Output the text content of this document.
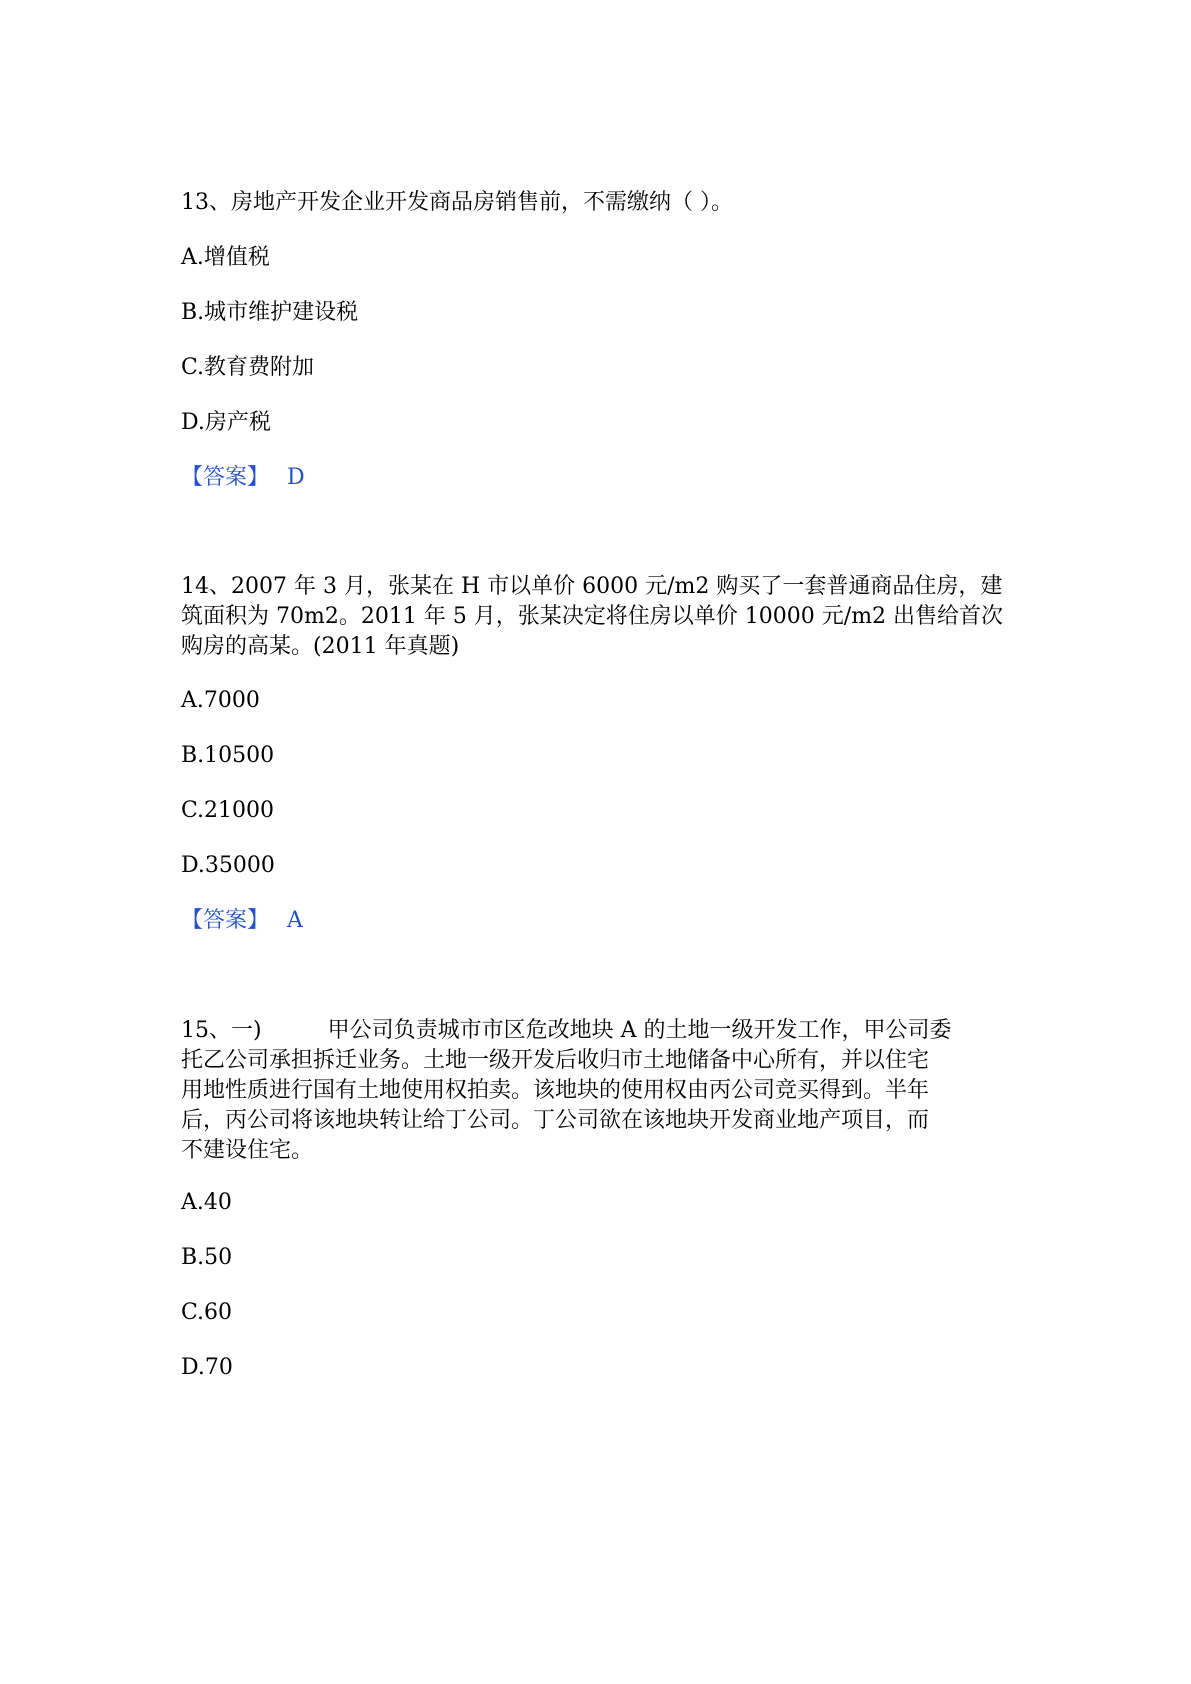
13、房地产开发企业开发商品房销售前，不需缴纳（ ）。
A.增值税
B.城市维护建设税
C.教育费附加
D.房产税
【答案】 D
14、2007 年 3 月，张某在 H 市以单价 6000 元/m2 购买了一套普通商品住房，建
筑面积为 70m2。2011 年 5 月，张某决定将住房以单价 10000 元/m2 出售给首次
购房的高某。(2011 年真题)
A.7000
B.10500
C.21000
D.35000
【答案】 A
15、一)　　　甲公司负责城市市区危改地块 A 的土地一级开发工作，甲公司委
托乙公司承担拆迁业务。土地一级开发后收归市土地储备中心所有，并以住宅
用地性质进行国有土地使用权拍卖。该地块的使用权由丙公司竞买得到。半年
后，丙公司将该地块转让给丁公司。丁公司欲在该地块开发商业地产项目，而
不建设住宅。
A.40
B.50
C.60
D.70
